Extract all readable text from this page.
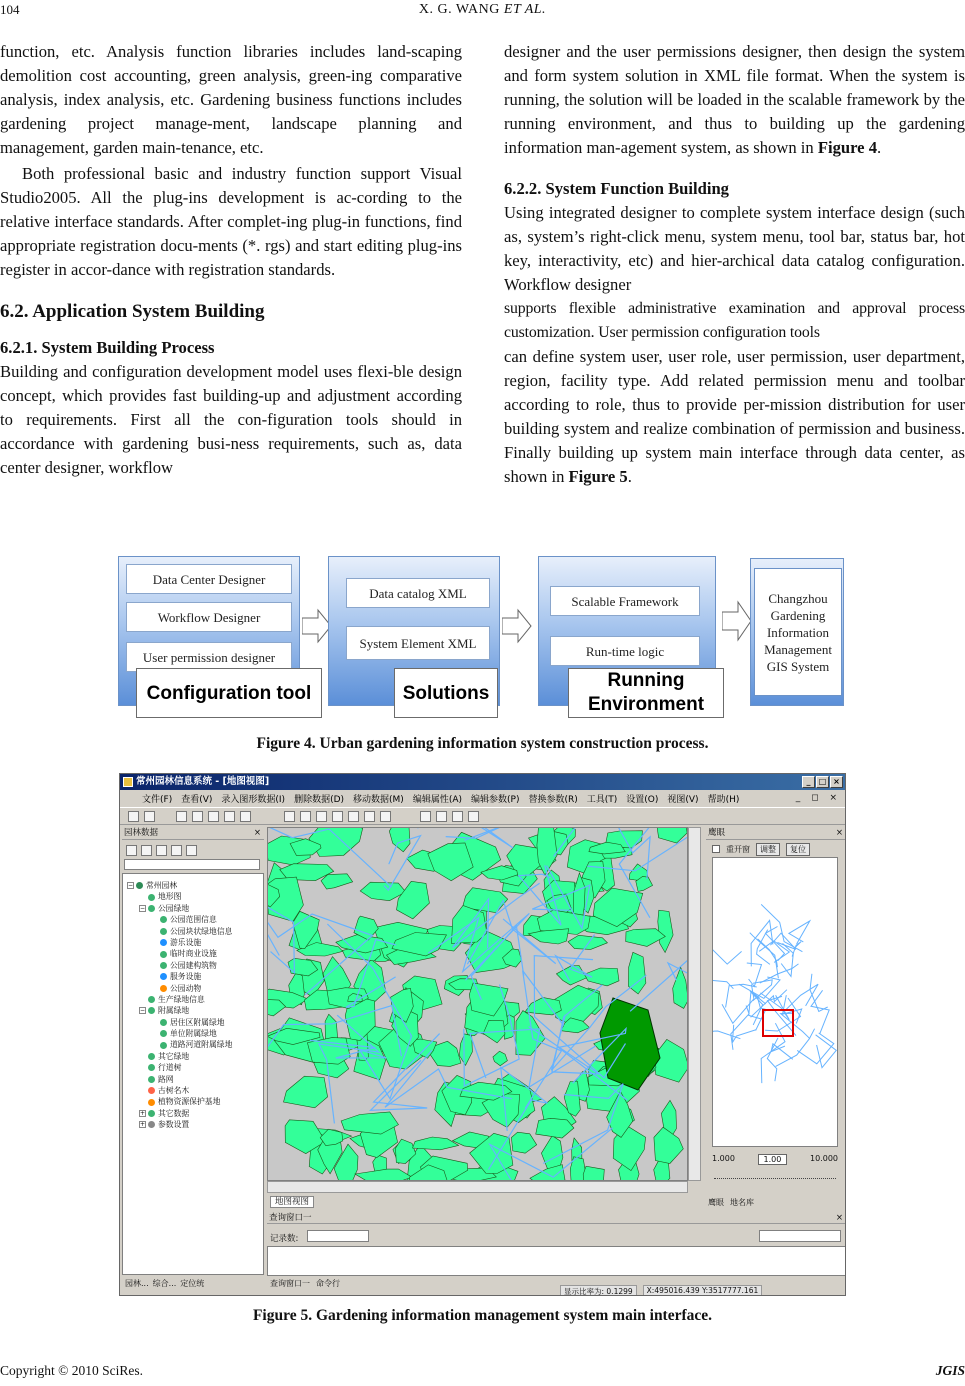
104	X. G. WANG ET AL.

function, etc. Analysis function libraries includes land-scaping demolition cost accounting, green analysis, green-ing comparative analysis, index analysis, etc. Gardening business functions includes gardening project manage-ment, landscape planning and management, garden main-tenance, etc.

Both professional basic and industry function support Visual Studio2005. All the plug-ins development is ac-cording to the relative interface standards. After complet-ing plug-in functions, find appropriate registration docu-ments (*. rgs) and start editing plug-ins register in accor-dance with registration standards.

6.2. Application System Building
6.2.1. System Building Process

Building and configuration development model uses flexi-ble design concept, which provides fast building-up and adjustment according to requirements. First all the con-figuration tools should in accordance with gardening busi-ness requirements, such as, data center designer, workflow

designer and the user permissions designer, then design the system and form system solution in XML file format. When the system is running, the solution will be loaded in the scalable framework by the running environment, and thus to building up the gardening information man-agement system, as shown in Figure 4.

6.2.2. System Function Building

Using integrated designer to complete system interface design (such as, system’s right-click menu, system menu, tool bar, status bar, hot key, interactivity, etc) and hier-archical data catalog configuration. Workflow designer

supports flexible administrative examination and approval process customization. User permission configuration tools

can define system user, user role, user permission, user department, region, facility type. Add related permission menu and toolbar according to role, thus to provide per-mission distribution for user building system and realize combination of permission and business. Finally building up system main interface through data center, as shown in Figure 5.

Data Center Designer
Workflow Designer
User permission designer
Configuration tool
Data catalog XML
System Element XML
Solutions
Scalable Framework
Run-time logic
Running Environment
Changzhou Gardening Information Management GIS System
Figure 4. Urban gardening information system construction process.
常州园林信息系统 - [地图视图]	_	□ ×
文件(F) 查看(V) 录入图形数据(I) 删除数据(D) 移动数据(M) 编辑属性(A) 编辑参数(P) 替换参数(R) 工具(T) 设置(O) 视图(V) 帮助(H)	_ ◻ ×
园林数据	×
− 常州园林
地形图
− 公园绿地
公园范围信息
公园块状绿地信息
游乐设施
临时商业设施
公园建构筑物
服务设施
公园动物
生产绿地信息
− 附属绿地
居住区附属绿地
单位附属绿地
道路河道附属绿地
其它绿地
行道树
路网
古树名木
植物资源保护基地
+ 其它数据
+ 参数设置
园林... 综合... 定位统
地图视图
鹰眼	×
重开窗	调整	复位
1.000	1.00	10.000
鹰眼 地名库
查询窗口一	×
记录数:
查询窗口一 命令行
显示比率为: 0.1299	X:495016.439 Y:3517777.161
Figure 5. Gardening information management system main interface.
Copyright © 2010 SciRes.	JGIS
